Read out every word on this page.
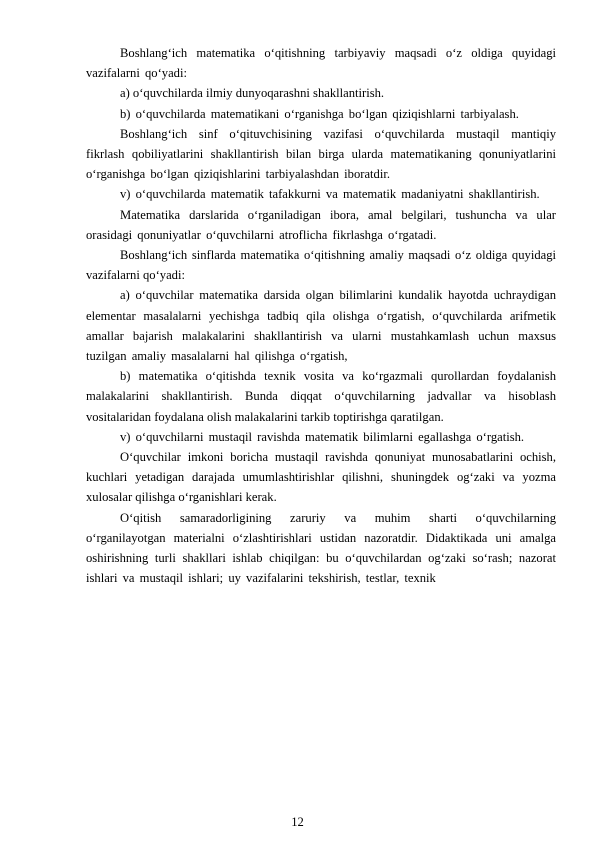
Boshlang‘ich matematika o‘qitishning tarbiyaviy maqsadi o‘z oldiga quyidagi vazifalarni qo‘yadi:

a) o‘quvchilarda ilmiy dunyoqarashni shakllantirish.

b) o‘quvchilarda matematikani o‘rganishga bo‘lgan qiziqishlarni tarbiyalash.

Boshlang‘ich sinf o‘qituvchisining vazifasi o‘quvchilarda mustaqil mantiqiy fikrlash qobiliyatlarini shakllantirish bilan birga ularda matematikaning qonuniyatlarini o‘rganishga bo‘lgan qiziqishlarini tarbiyalashdan iboratdir.

v) o‘quvchilarda matematik tafakkurni va matematik madaniyatni shakllantirish.

Matematika darslarida o‘rganiladigan ibora, amal belgilari, tushuncha va ular orasidagi qonuniyatlar o‘quvchilarni atroflicha fikrlashga o‘rgatadi.

Boshlang‘ich sinflarda matematika o‘qitishning amaliy maqsadi o‘z oldiga quyidagi vazifalarni qo‘yadi:

a) o‘quvchilar matematika darsida olgan bilimlarini kundalik hayotda uchraydigan elementar masalalarni yechishga tadbiq qila olishga o‘rgatish, o‘quvchilarda arifmetik amallar bajarish malakalarini shakllantirish va ularni mustahkamlash uchun maxsus tuzilgan amaliy masalalarni hal qilishga o‘rgatish,

b) matematika o‘qitishda texnik vosita va ko‘rgazmali qurollardan foydalanish malakalarini shakllantirish. Bunda diqqat o‘quvchilarning jadvallar va hisoblash vositalaridan foydalana olish malakalarini tarkib toptirishga qaratilgan.

v) o‘quvchilarni mustaqil ravishda matematik bilimlarni egallashga o‘rgatish.

O‘quvchilar imkoni boricha mustaqil ravishda qonuniyat munosabatlarini ochish, kuchlari yetadigan darajada umumlashtirishlar qilishni, shuningdek og‘zaki va yozma xulosalar qilishga o‘rganishlari kerak.

O‘qitish samaradorligining zaruriy va muhim sharti o‘quvchilarning o‘rganilayotgan materialni o‘zlashtirishlari ustidan nazoratdir. Didaktikada uni amalga oshirishning turli shakllari ishlab chiqilgan: bu o‘quvchilardan og‘zaki so‘rash; nazorat ishlari va mustaqil ishlari; uy vazifalarini tekshirish, testlar, texnik

12
